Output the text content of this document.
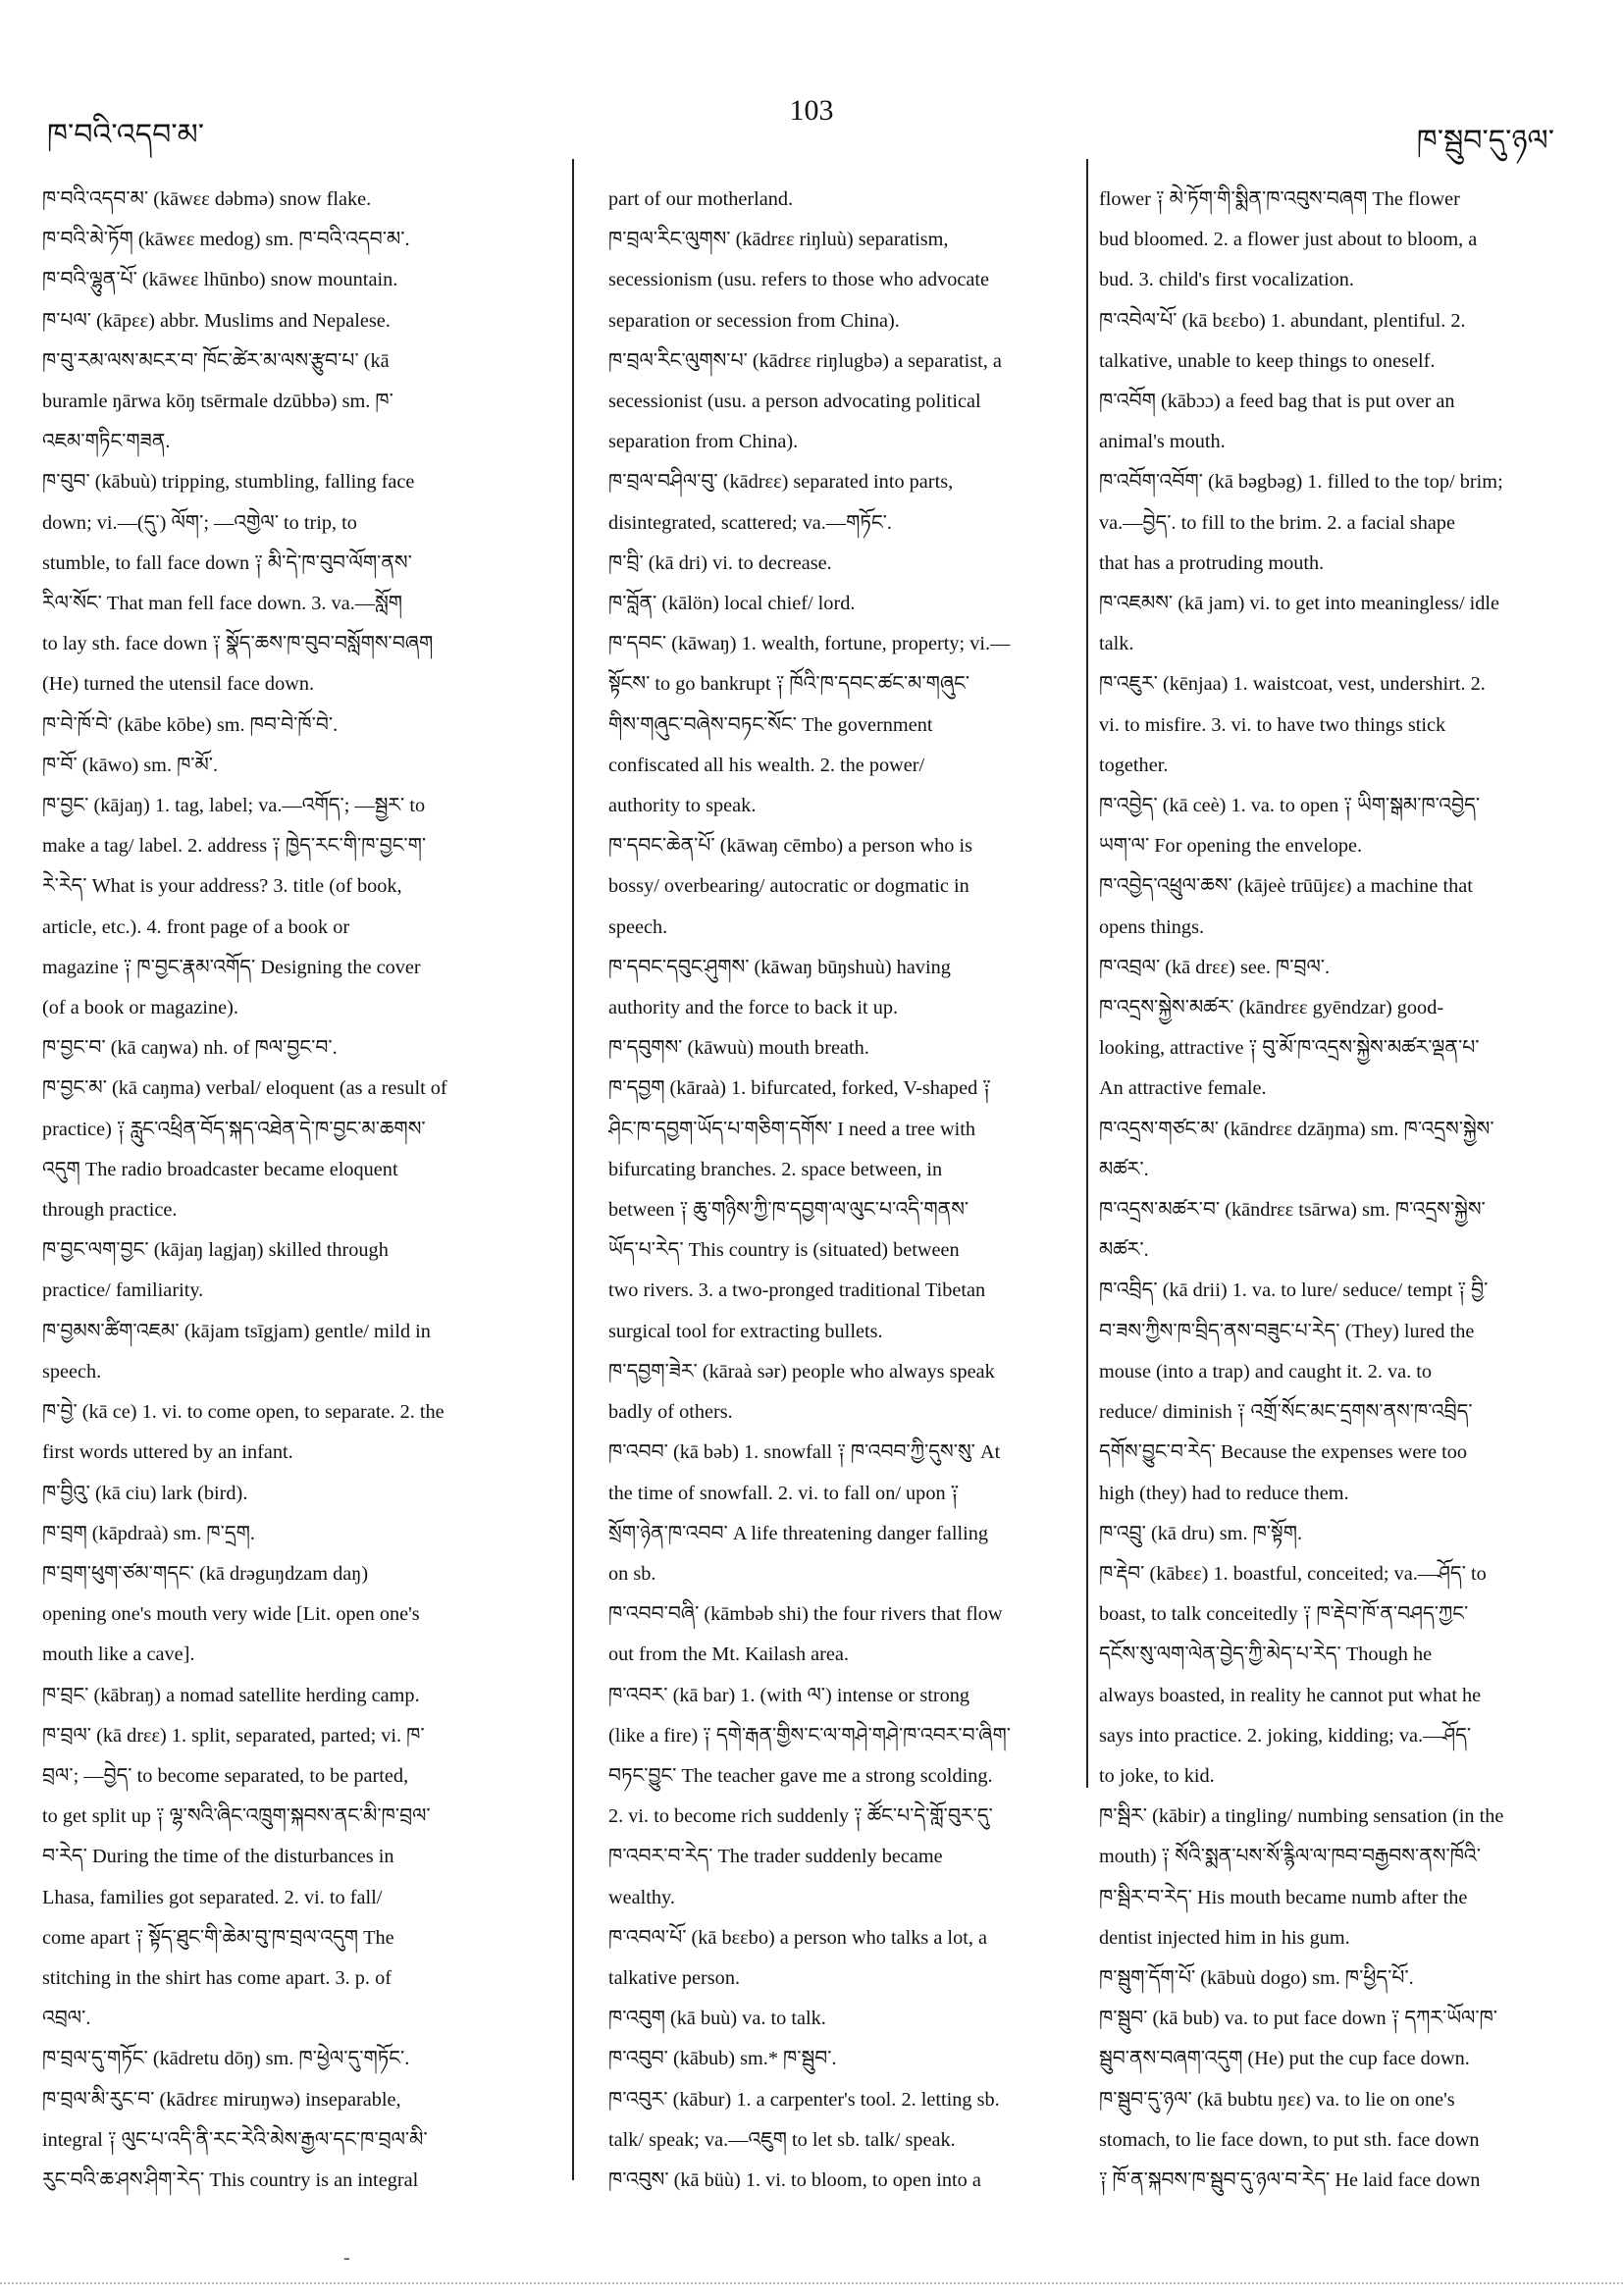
ཁ་བའི་འདབ་མ་
103
ཁ་སྦུབ་དུ་ཉལ་
ཁ་བའི་འདབ་མ་ (kāwɛɛ dəbmə) snow flake.
ཁ་བའི་མེ་ཏོག (kāwɛɛ medog) sm. ཁ་བའི་འདབ་མ་.
ཁ་བའི་ལྷུན་པོ་ (kāwɛɛ lhūnbo) snow mountain.
ཁ་པལ་ (kāpɛɛ) abbr. Muslims and Nepalese.
ཁ་བུ་རམ་ལས་མངར་བ་ ཁོང་ཚེར་མ་ལས་རྩུབ་པ་ (kā
buramle ŋārwa kōŋ tsērmale dzūbbə) sm. ཁ་
འཇམ་གཏིང་གཟན.
ཁ་བུབ་ (kābuù) tripping, stumbling, falling face
down; vi.—(དུ་) ལོག་; —འགྱེལ་ to trip, to
stumble, to fall face down ༑ མི་དེ་ཁ་བུབ་ལོག་ནས་
རིལ་སོང་ That man fell face down. 3. va.—སློག
to lay sth. face down ༑ སྣོད་ཆས་ཁ་བུབ་བསློགས་བཞག
(He) turned the utensil face down.
ཁ་བེ་ཁོ་བེ་ (kābe kōbe) sm. ཁབ་བེ་ཁོ་བེ་.
ཁ་བོ་ (kāwo) sm. ཁ་མོ་.
ཁ་བྱང་ (kājaŋ) 1. tag, label; va.—འགོད་; —སྦྱར་ to
make a tag/ label. 2. address ༑ ཁྱེད་རང་གི་ཁ་བྱང་ག་
རེ་རེད་ What is your address? 3. title (of book,
article, etc.). 4. front page of a book or
magazine ༑ ཁ་བྱང་རྣམ་འགོད་ Designing the cover
(of a book or magazine).
ཁ་བྱང་བ་ (kā caŋwa) nh. of ཁལ་བྱང་བ་.
ཁ་བྱང་མ་ (kā caŋma) verbal/ eloquent (as a result of
practice) ༑ རླུང་འཕྲིན་བོད་སྐད་འཐེན་དེ་ཁ་བྱང་མ་ཆགས་
འདུག The radio broadcaster became eloquent
through practice.
ཁ་བྱང་ལག་བྱང་ (kājaŋ lagjaŋ) skilled through
practice/ familiarity.
ཁ་བྱམས་ཚིག་འཇམ་ (kājam tsīgjam) gentle/ mild in
speech.
ཁ་བྱེ་ (kā ce) 1. vi. to come open, to separate. 2. the
first words uttered by an infant.
ཁ་བྱིའུ་ (kā ciu) lark (bird).
ཁ་བྲག (kāpdraà) sm. ཁ་དྲག.
ཁ་བྲག་ཕུག་ཙམ་གདང་ (kā drəguŋdzam daŋ)
opening one's mouth very wide [Lit. open one's
mouth like a cave].
ཁ་བྲང་ (kābraŋ) a nomad satellite herding camp.
ཁ་བྲལ་ (kā drɛɛ) 1. split, separated, parted; vi. ཁ་
བྲལ་; —བྱེད་ to become separated, to be parted,
to get split up ༑ ལྷ་སའི་ཞིང་འཁྲུག་སྐབས་ནང་མི་ཁ་བྲལ་
བ་རེད་ During the time of the disturbances in
Lhasa, families got separated. 2. vi. to fall/
come apart ༑ སྟོད་ཐུང་གི་ཆེམ་བུ་ཁ་བྲལ་འདུག The
stitching in the shirt has come apart. 3. p. of
འབྲལ་.
ཁ་བྲལ་དུ་གཏོང་ (kādretu dōŋ) sm. ཁ་ཕྱེལ་དུ་གཏོང་.
ཁ་བྲལ་མི་རུང་བ་ (kādrɛɛ miruŋwə) inseparable,
integral ༑ ལུང་པ་འདི་ནི་རང་རེའི་མེས་རྒྱལ་དང་ཁ་བྲལ་མི་
རུང་བའི་ཆ་ཤས་ཤིག་རེད་ This country is an integral
part of our motherland.
ཁ་བྲལ་རིང་ལུགས་ (kādrɛɛ riŋluù) separatism,
secessionism (usu. refers to those who advocate
separation or secession from China).
ཁ་བྲལ་རིང་ལུགས་པ་ (kādrɛɛ riŋlugbə) a separatist, a
secessionist (usu. a person advocating political
separation from China).
ཁ་བྲལ་བཤིལ་བུ་ (kādrɛɛ) separated into parts,
disintegrated, scattered; va.—གཏོང་.
ཁ་བྲི་ (kā dri) vi. to decrease.
ཁ་བློན་ (kālön) local chief/ lord.
ཁ་དབང་ (kāwaŋ) 1. wealth, fortune, property; vi.—
སྟོངས་ to go bankrupt ༑ ཁོའི་ཁ་དབང་ཚང་མ་གཞུང་
གིས་གཞུང་བཞེས་བཏང་སོང་ The government
confiscated all his wealth. 2. the power/
authority to speak.
ཁ་དབང་ཆེན་པོ་ (kāwaŋ cēmbo) a person who is
bossy/ overbearing/ autocratic or dogmatic in
speech.
ཁ་དབང་དབུང་ཤུགས་ (kāwaŋ būŋshuù) having
authority and the force to back it up.
ཁ་དབུགས་ (kāwuù) mouth breath.
ཁ་དབྱག (kāraà) 1. bifurcated, forked, V-shaped ༑
ཤིང་ཁ་དབྱག་ཡོད་པ་གཅིག་དགོས་ I need a tree with
bifurcating branches. 2. space between, in
between ༑ ཆུ་གཉིས་ཀྱི་ཁ་དབྱག་ལ་ལུང་པ་འདི་གནས་
ཡོད་པ་རེད་ This country is (situated) between
two rivers. 3. a two-pronged traditional Tibetan
surgical tool for extracting bullets.
ཁ་དབྱག་ཟེར་ (kāraà sər) people who always speak
badly of others.
ཁ་འབབ་ (kā bəb) 1. snowfall ༑ ཁ་འབབ་ཀྱི་དུས་སུ་ At
the time of snowfall. 2. vi. to fall on/ upon ༑
སྲོག་ཉེན་ཁ་འབབ་ A life threatening danger falling
on sb.
ཁ་འབབ་བཞི་ (kāmbəb shi) the four rivers that flow
out from the Mt. Kailash area.
ཁ་འབར་ (kā bar) 1. (with ལ་) intense or strong
(like a fire) ༑ དགེ་རྒན་གྱིས་ང་ལ་གཤེ་གཤེ་ཁ་འབར་བ་ཞིག་
བཏང་བྱུང་ The teacher gave me a strong scolding.
2. vi. to become rich suddenly ༑ ཚོང་པ་དེ་གློ་བུར་དུ་
ཁ་འབར་བ་རེད་ The trader suddenly became
wealthy.
ཁ་འབལ་པོ་ (kā bɛɛbo) a person who talks a lot, a
talkative person.
ཁ་འབུག (kā buù) va. to talk.
ཁ་འབུབ་ (kābub) sm.* ཁ་སྦུབ་.
ཁ་འབུར་ (kābur) 1. a carpenter's tool. 2. letting sb.
talk/ speak; va.—འཇུག to let sb. talk/ speak.
ཁ་འབུས་ (kā büù) 1. vi. to bloom, to open into a
flower ༑ མེ་ཏོག་གི་སྨིན་ཁ་འབུས་བཞག The flower
bud bloomed. 2. a flower just about to bloom, a
bud. 3. child's first vocalization.
ཁ་འབེལ་པོ་ (kā bɛɛbo) 1. abundant, plentiful. 2.
talkative, unable to keep things to oneself.
ཁ་འབོག (kābɔɔ) a feed bag that is put over an
animal's mouth.
ཁ་འབོག་འབོག་ (kā bəgbəg) 1. filled to the top/ brim;
va.—བྱེད་. to fill to the brim. 2. a facial shape
that has a protruding mouth.
ཁ་འཇམས་ (kā jam) vi. to get into meaningless/ idle
talk.
ཁ་འཇུར་ (kēnjaa) 1. waistcoat, vest, undershirt. 2.
vi. to misfire. 3. vi. to have two things stick
together.
ཁ་འབྱེད་ (kā ceè) 1. va. to open ༑ ཡིག་སྒམ་ཁ་འབྱེད་
ཡག་ལ་ For opening the envelope.
ཁ་འབྱེད་འཕྲུལ་ཆས་ (kājeè trūūjɛɛ) a machine that
opens things.
ཁ་འབྲལ་ (kā drɛɛ) see. ཁ་བྲལ་.
ཁ་འདྲས་སྐྱེས་མཚར་ (kāndrɛɛ gyēndzar) good-
looking, attractive ༑ བུ་མོ་ཁ་འདྲས་སྐྱེས་མཚར་ལྡན་པ་
An attractive female.
ཁ་འདྲས་གཙང་མ་ (kāndrɛɛ dzāŋma) sm. ཁ་འདྲས་སྐྱེས་
མཚར་.
ཁ་འདྲས་མཚར་བ་ (kāndrɛɛ tsārwa) sm. ཁ་འདྲས་སྐྱེས་
མཚར་.
ཁ་འབྲིད་ (kā drii) 1. va. to lure/ seduce/ tempt ༑ བྱི་
བ་ཟས་ཀྱིས་ཁ་བྲིད་ནས་བཟུང་པ་རེད་ (They) lured the
mouse (into a trap) and caught it. 2. va. to
reduce/ diminish ༑ འགྲོ་སོང་མང་དྲགས་ནས་ཁ་འབྲིད་
དགོས་བྱུང་བ་རེད་ Because the expenses were too
high (they) had to reduce them.
ཁ་འབྲུ་ (kā dru) sm. ཁ་སྟོག.
ཁ་རྡེབ་ (kābɛɛ) 1. boastful, conceited; va.—ཤོད་ to
boast, to talk conceitedly ༑ ཁ་རྡེབ་ཁོ་ན་བཤད་ཀྱང་
དངོས་སུ་ལག་ལེན་བྱེད་ཀྱི་མེད་པ་རེད་ Though he
always boasted, in reality he cannot put what he
says into practice. 2. joking, kidding; va.—ཤོད་
to joke, to kid.
ཁ་སྦིར་ (kābir) a tingling/ numbing sensation (in the
mouth) ༑ སོའི་སྨན་པས་སོ་རྙིལ་ལ་ཁབ་བརྒྱབས་ནས་ཁོའི་
ཁ་སྦིར་བ་རེད་ His mouth became numb after the
dentist injected him in his gum.
ཁ་སྦུག་དོག་པོ་ (kābuù dogo) sm. ཁ་ཕྱིད་པོ་.
ཁ་སྦུབ་ (kā bub) va. to put face down ༑ དཀར་ཡོལ་ཁ་
སྦུབ་ནས་བཞག་འདུག (He) put the cup face down.
ཁ་སྦུབ་དུ་ཉལ་ (kā bubtu ŋɛɛ) va. to lie on one's
stomach, to lie face down, to put sth. face down
༑ ཁོ་ན་སྐབས་ཁ་སྦུབ་དུ་ཉལ་བ་རེད་ He laid face down
-
